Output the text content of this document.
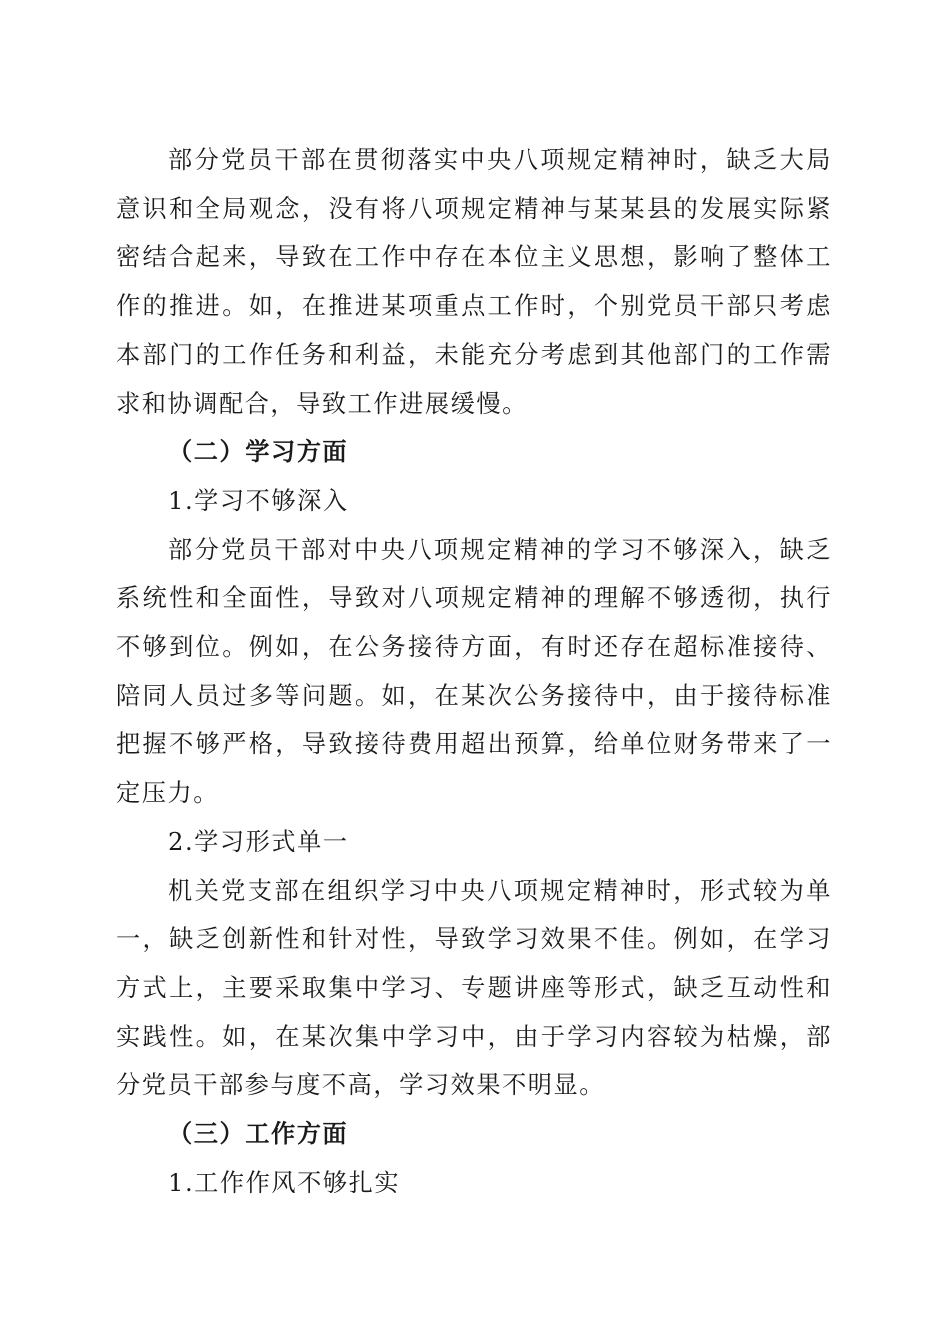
部分党员干部在贯彻落实中央八项规定精神时，缺乏大局意识和全局观念，没有将八项规定精神与某某县的发展实际紧密结合起来，导致在工作中存在本位主义思想，影响了整体工作的推进。如，在推进某项重点工作时，个别党员干部只考虑本部门的工作任务和利益，未能充分考虑到其他部门的工作需求和协调配合，导致工作进展缓慢。

（二）学习方面

1.学习不够深入

部分党员干部对中央八项规定精神的学习不够深入，缺乏系统性和全面性，导致对八项规定精神的理解不够透彻，执行不够到位。例如，在公务接待方面，有时还存在超标准接待、陪同人员过多等问题。如，在某次公务接待中，由于接待标准把握不够严格，导致接待费用超出预算，给单位财务带来了一定压力。

2.学习形式单一

机关党支部在组织学习中央八项规定精神时，形式较为单一，缺乏创新性和针对性，导致学习效果不佳。例如，在学习方式上，主要采取集中学习、专题讲座等形式，缺乏互动性和实践性。如，在某次集中学习中，由于学习内容较为枯燥，部分党员干部参与度不高，学习效果不明显。

（三）工作方面

1.工作作风不够扎实
